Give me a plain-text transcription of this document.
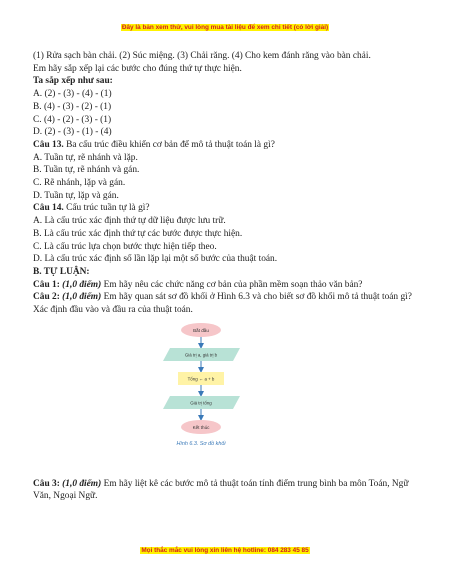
Đây là bản xem thử, vui lòng mua tài liệu để xem chi tiết (có lời giải)
(1) Rửa sạch bàn chải. (2) Súc miệng. (3) Chải răng. (4) Cho kem đánh răng vào bàn chải.
Em hãy sắp xếp lại các bước cho đúng thứ tự thực hiện.
Ta sắp xếp như sau:
A. (2) - (3) - (4) - (1)
B. (4) - (3) - (2) - (1)
C. (4) - (2) - (3) - (1)
D. (2) - (3) - (1) - (4)
Câu 13. Ba cấu trúc điều khiển cơ bản để mô tả thuật toán là gì?
A. Tuần tự, rẽ nhánh và lặp.
B. Tuần tự, rẽ nhánh và gán.
C. Rẽ nhánh, lặp và gán.
D. Tuần tự, lặp và gán.
Câu 14. Cấu trúc tuần tự là gì?
A. Là cấu trúc xác định thứ tự dữ liệu được lưu trữ.
B. Là cấu trúc xác định thứ tự các bước được thực hiện.
C. Là cấu trúc lựa chọn bước thực hiện tiếp theo.
D. Là cấu trúc xác định số lần lặp lại một số bước của thuật toán.
B. TỰ LUẬN:
Câu 1: (1,0 điểm) Em hãy nêu các chức năng cơ bản của phần mềm soạn thảo văn bản?
Câu 2: (1,0 điểm) Em hãy quan sát sơ đồ khối ở Hình 6.3 và cho biết sơ đồ khối mô tả thuật toán gì? Xác định đầu vào và đầu ra của thuật toán.
Bắt đầu
Giá trị a, giá trị b
Tổng ← a + b
Giá trị tổng
Kết thúc
Hình 6.3. Sơ đồ khối
Câu 3: (1,0 điểm) Em hãy liệt kê các bước mô tả thuật toán tính điểm trung bình ba môn Toán, Ngữ Văn, Ngoại Ngữ.
Mọi thắc mắc vui lòng xin liên hệ hotline: 084 283 45 85
